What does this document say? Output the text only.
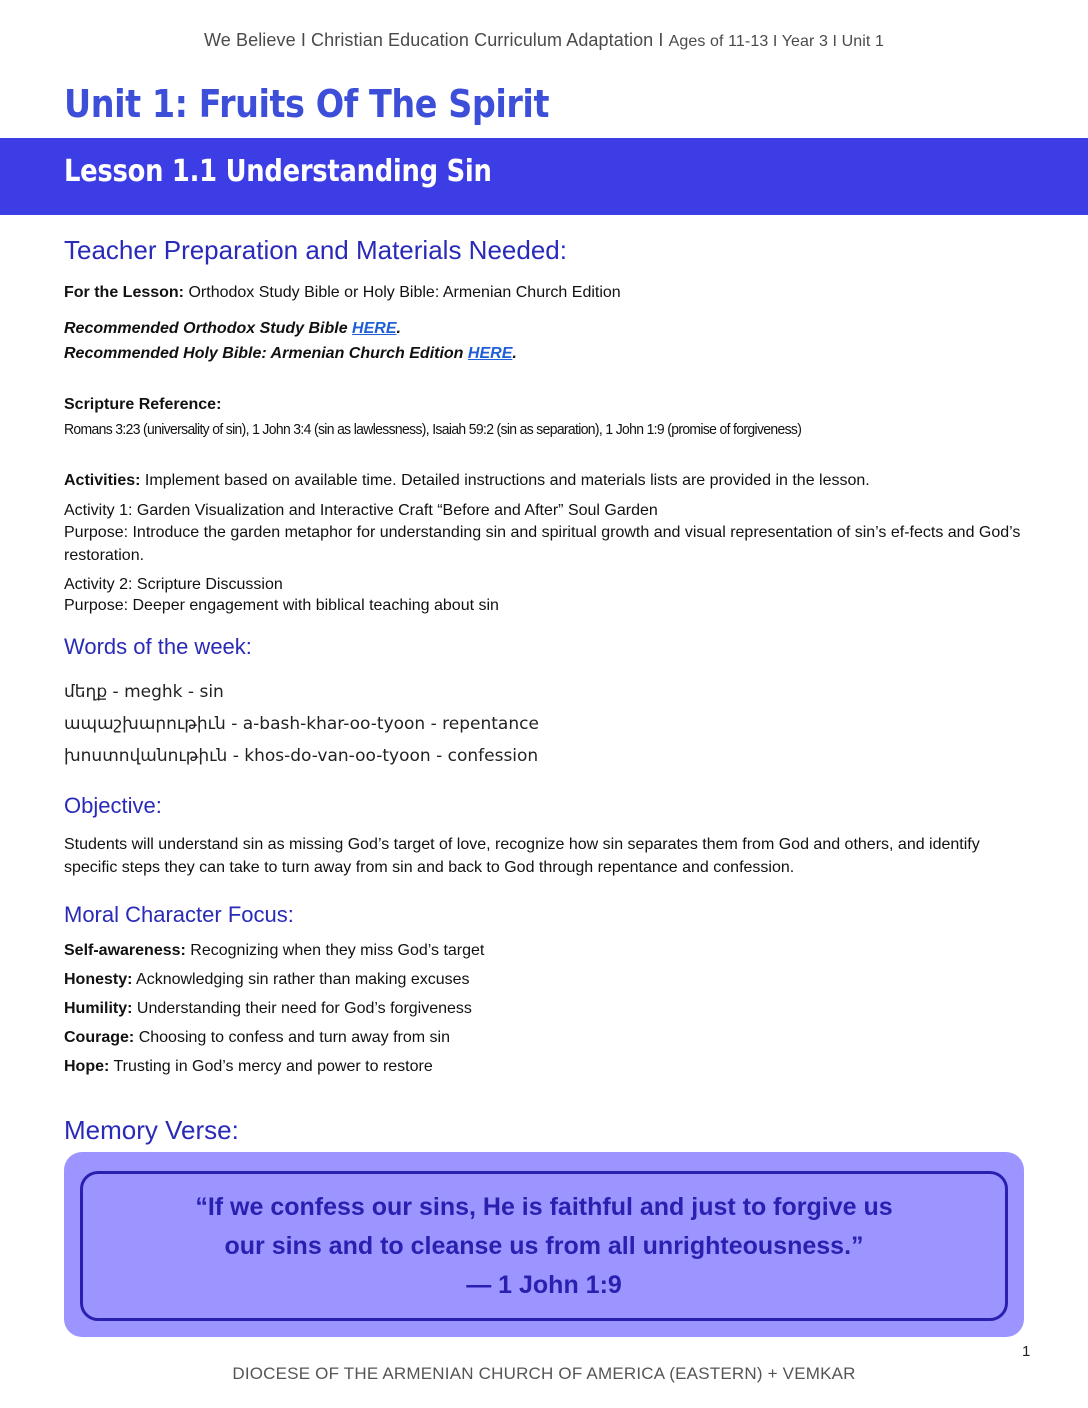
We Believe I Christian Education Curriculum Adaptation I Ages of 11-13 I Year 3 I Unit 1
Unit 1: Fruits Of The Spirit
Lesson 1.1 Understanding Sin
Teacher Preparation and Materials Needed:
For the Lesson: Orthodox Study Bible or Holy Bible: Armenian Church Edition
Recommended Orthodox Study Bible HERE.
Recommended Holy Bible: Armenian Church Edition HERE.
Scripture Reference:
Romans 3:23 (universality of sin), 1 John 3:4 (sin as lawlessness), Isaiah 59:2 (sin as separation), 1 John 1:9 (promise of forgiveness)
Activities: Implement based on available time. Detailed instructions and materials lists are provided in the lesson.
Activity 1: Garden Visualization and Interactive Craft “Before and After” Soul Garden
Purpose: Introduce the garden metaphor for understanding sin and spiritual growth and visual representation of sin’s ef-fects and God’s restoration.
Activity 2: Scripture Discussion
Purpose: Deeper engagement with biblical teaching about sin
Words of the week:
մեղք - meghk - sin
ապաշխարութիւն - a-bash-khar-oo-tyoon - repentance
խոստովանութիւն - khos-do-van-oo-tyoon - confession
Objective:
Students will understand sin as missing God’s target of love, recognize how sin separates them from God and others, and identify specific steps they can take to turn away from sin and back to God through repentance and confession.
Moral Character Focus:
Self-awareness: Recognizing when they miss God’s target
Honesty: Acknowledging sin rather than making excuses
Humility: Understanding their need for God’s forgiveness
Courage: Choosing to confess and turn away from sin
Hope: Trusting in God’s mercy and power to restore
Memory Verse:
“If we confess our sins, He is faithful and just to forgive us
our sins and to cleanse us from all unrighteousness.”
— 1 John 1:9
1
DIOCESE OF THE ARMENIAN CHURCH OF AMERICA (EASTERN) + VEMKAR
